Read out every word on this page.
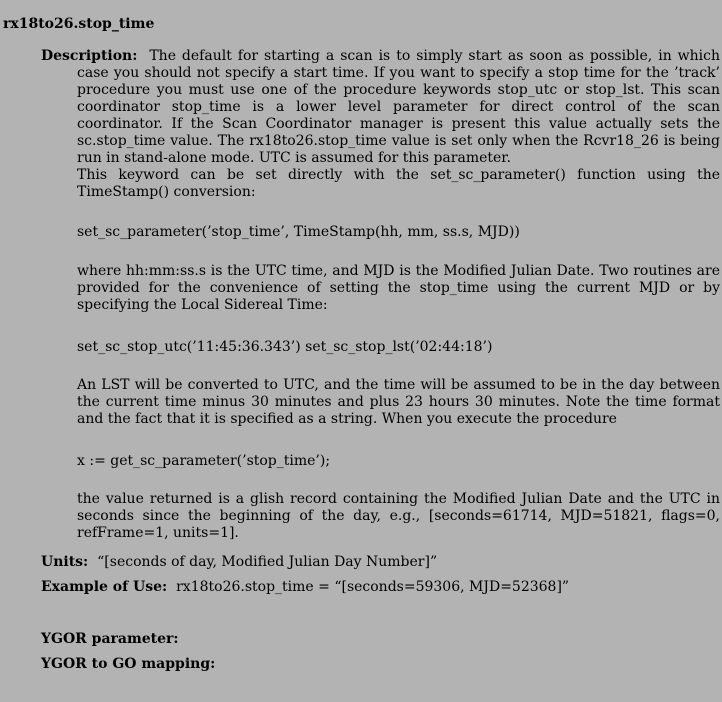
rx18to26.stop_time

Description: The default for starting a scan is to simply start as soon as possible, in which case you should not specify a start time. If you want to specify a stop time for the ’track’ procedure you must use one of the procedure keywords stop_utc or stop_lst. This scan coordinator stop_time is a lower level parameter for direct control of the scan coordinator. If the Scan Coordinator manager is present this value actually sets the sc.stop_time value. The rx18to26.stop_time value is set only when the Rcvr18_26 is being run in stand-alone mode. UTC is assumed for this parameter.

This keyword can be set directly with the set_sc_parameter() function using the TimeStamp() conversion:
set_sc_parameter(’stop_time’, TimeStamp(hh, mm, ss.s, MJD))
where hh:mm:ss.s is the UTC time, and MJD is the Modified Julian Date. Two routines are provided for the convenience of setting the stop_time using the current MJD or by specifying the Local Sidereal Time:
set_sc_stop_utc(’11:45:36.343’) set_sc_stop_lst(’02:44:18’)
An LST will be converted to UTC, and the time will be assumed to be in the day between the current time minus 30 minutes and plus 23 hours 30 minutes. Note the time format and the fact that it is specified as a string. When you execute the procedure
x := get_sc_parameter(’stop_time’);
the value returned is a glish record containing the Modified Julian Date and the UTC in seconds since the beginning of the day, e.g., [seconds=61714, MJD=51821, flags=0, refFrame=1, units=1].
Units: “[seconds of day, Modified Julian Day Number]”
Example of Use: rx18to26.stop_time = “[seconds=59306, MJD=52368]”
YGOR parameter:
YGOR to GO mapping:
